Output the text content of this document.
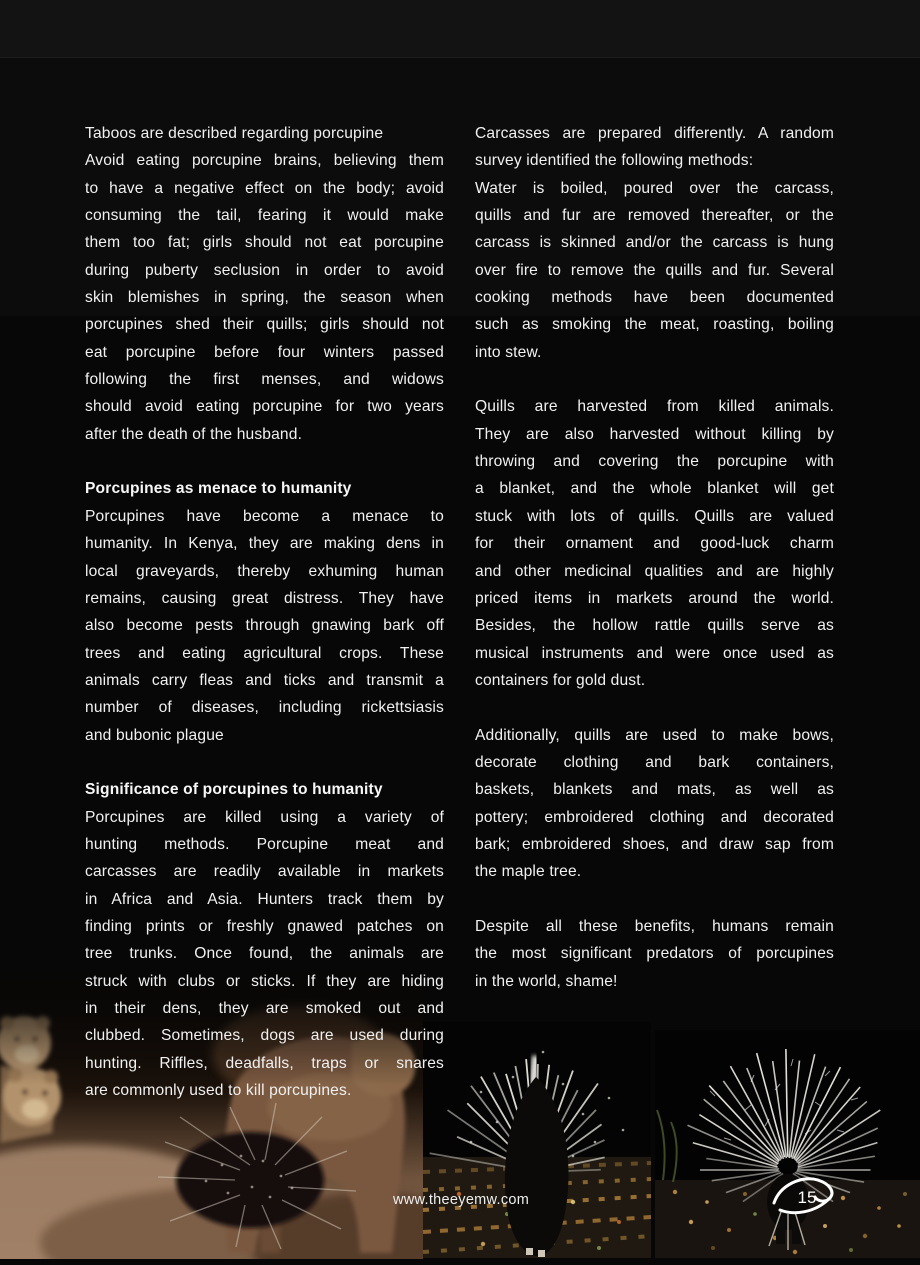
Taboos are described regarding porcupine
Avoid eating porcupine brains, believing them
to have a negative effect on the body; avoid
consuming the tail, fearing it would make
them too fat; girls should not eat porcupine
during puberty seclusion in order to avoid
skin blemishes in spring, the season when
porcupines shed their quills; girls should not
eat porcupine before four winters passed
following the first menses, and widows
should avoid eating porcupine for two years
after the death of the husband.
Porcupines as menace to humanity
Porcupines have become a menace to
humanity. In Kenya, they are making dens in
local graveyards, thereby exhuming human
remains, causing great distress. They have
also become pests through gnawing bark off
trees and eating agricultural crops. These
animals carry fleas and ticks and transmit a
number of diseases, including rickettsiasis
and bubonic plague
Significance of porcupines to humanity
Porcupines are killed using a variety of
hunting methods. Porcupine meat and
carcasses are readily available in markets
in Africa and Asia. Hunters track them by
finding prints or freshly gnawed patches on
tree trunks. Once found, the animals are
struck with clubs or sticks. If they are hiding
in their dens, they are smoked out and
clubbed. Sometimes, dogs are used during
hunting. Riffles, deadfalls, traps or snares
are commonly used to kill porcupines.
Carcasses are prepared differently. A random
survey identified the following methods:
Water is boiled, poured over the carcass,
quills and fur are removed thereafter, or the
carcass is skinned and/or the carcass is hung
over fire to remove the quills and fur. Several
cooking methods have been documented
such as smoking the meat, roasting, boiling
into stew.
Quills are harvested from killed animals.
They are also harvested without killing by
throwing and covering the porcupine with
a blanket, and the whole blanket will get
stuck with lots of quills. Quills are valued
for their ornament and good-luck charm
and other medicinal qualities and are highly
priced items in markets around the world.
Besides, the hollow rattle quills serve as
musical instruments and were once used as
containers for gold dust.
Additionally, quills are used to make bows,
decorate clothing and bark containers,
baskets, blankets and mats, as well as
pottery; embroidered clothing and decorated
bark; embroidered shoes, and draw sap from
the maple tree.
Despite all these benefits, humans remain
the most significant predators of porcupines
in the world, shame!
www.theeyemw.com	15
